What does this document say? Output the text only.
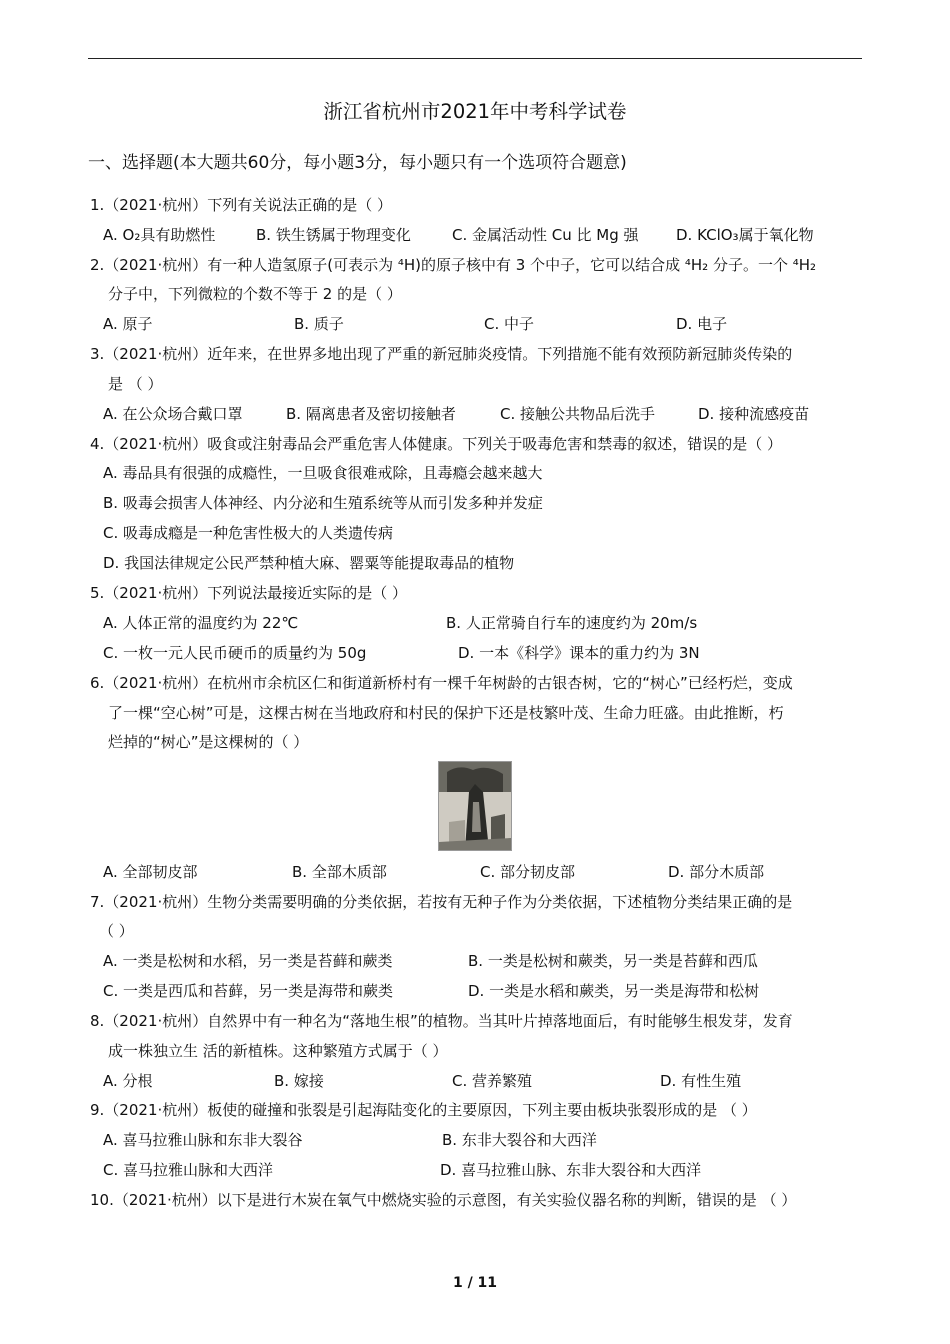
浙江省杭州市2021年中考科学试卷
一、选择题(本大题共60分，每小题3分，每小题只有一个选项符合题意)
1.（2021·杭州）下列有关说法正确的是（ ）
A. O₂具有助燃性	B. 铁生锈属于物理变化	C. 金属活动性 Cu 比 Mg 强 D. KClO₃属于氧化物
2.（2021·杭州）有一种人造氢原子(可表示为 ⁴H)的原子核中有 3 个中子，它可以结合成 ⁴H₂ 分子。一个 ⁴H₂
分子中，下列微粒的个数不等于 2 的是（ ）
A. 原子	B. 质子	C. 中子	D. 电子
3.（2021·杭州）近年来，在世界多地出现了严重的新冠肺炎疫情。下列措施不能有效预防新冠肺炎传染的
是 （ ）
A. 在公众场合戴口罩	B. 隔离患者及密切接触者	C. 接触公共物品后洗手	D. 接种流感疫苗
4.（2021·杭州）吸食或注射毒品会严重危害人体健康。下列关于吸毒危害和禁毒的叙述，错误的是（ ）
A. 毒品具有很强的成瘾性，一旦吸食很难戒除，且毒瘾会越来越大
B. 吸毒会损害人体神经、内分泌和生殖系统等从而引发多种并发症
C. 吸毒成瘾是一种危害性极大的人类遗传病
D. 我国法律规定公民严禁种植大麻、罂粟等能提取毒品的植物
5.（2021·杭州）下列说法最接近实际的是（ ）
A. 人体正常的温度约为 22℃	B. 人正常骑自行车的速度约为 20m/s
C. 一枚一元人民币硬币的质量约为 50g	D. 一本《科学》课本的重力约为 3N
6.（2021·杭州）在杭州市余杭区仁和街道新桥村有一棵千年树龄的古银杏树，它的“树心”已经朽烂，变成
了一棵“空心树”可是，这棵古树在当地政府和村民的保护下还是枝繁叶茂、生命力旺盛。由此推断，朽
烂掉的“树心”是这棵树的（ ）
A. 全部韧皮部	B. 全部木质部	C. 部分韧皮部	D. 部分木质部
7.（2021·杭州）生物分类需要明确的分类依据，若按有无种子作为分类依据，下述植物分类结果正确的是
（ ）
A. 一类是松树和水稻，另一类是苔藓和蕨类	B. 一类是松树和蕨类，另一类是苔藓和西瓜
C. 一类是西瓜和苔藓，另一类是海带和蕨类	D. 一类是水稻和蕨类，另一类是海带和松树
8.（2021·杭州）自然界中有一种名为“落地生根”的植物。当其叶片掉落地面后，有时能够生根发芽，发育
成一株独立生 活的新植株。这种繁殖方式属于（ ）
A. 分根	B. 嫁接	C. 营养繁殖	D. 有性生殖
9.（2021·杭州）板使的碰撞和张裂是引起海陆变化的主要原因，下列主要由板块张裂形成的是 （ ）
A. 喜马拉雅山脉和东非大裂谷	B. 东非大裂谷和大西洋
C. 喜马拉雅山脉和大西洋	D. 喜马拉雅山脉、东非大裂谷和大西洋
10.（2021·杭州）以下是进行木炭在氧气中燃烧实验的示意图，有关实验仪器名称的判断，错误的是 （ ）
1 / 11
